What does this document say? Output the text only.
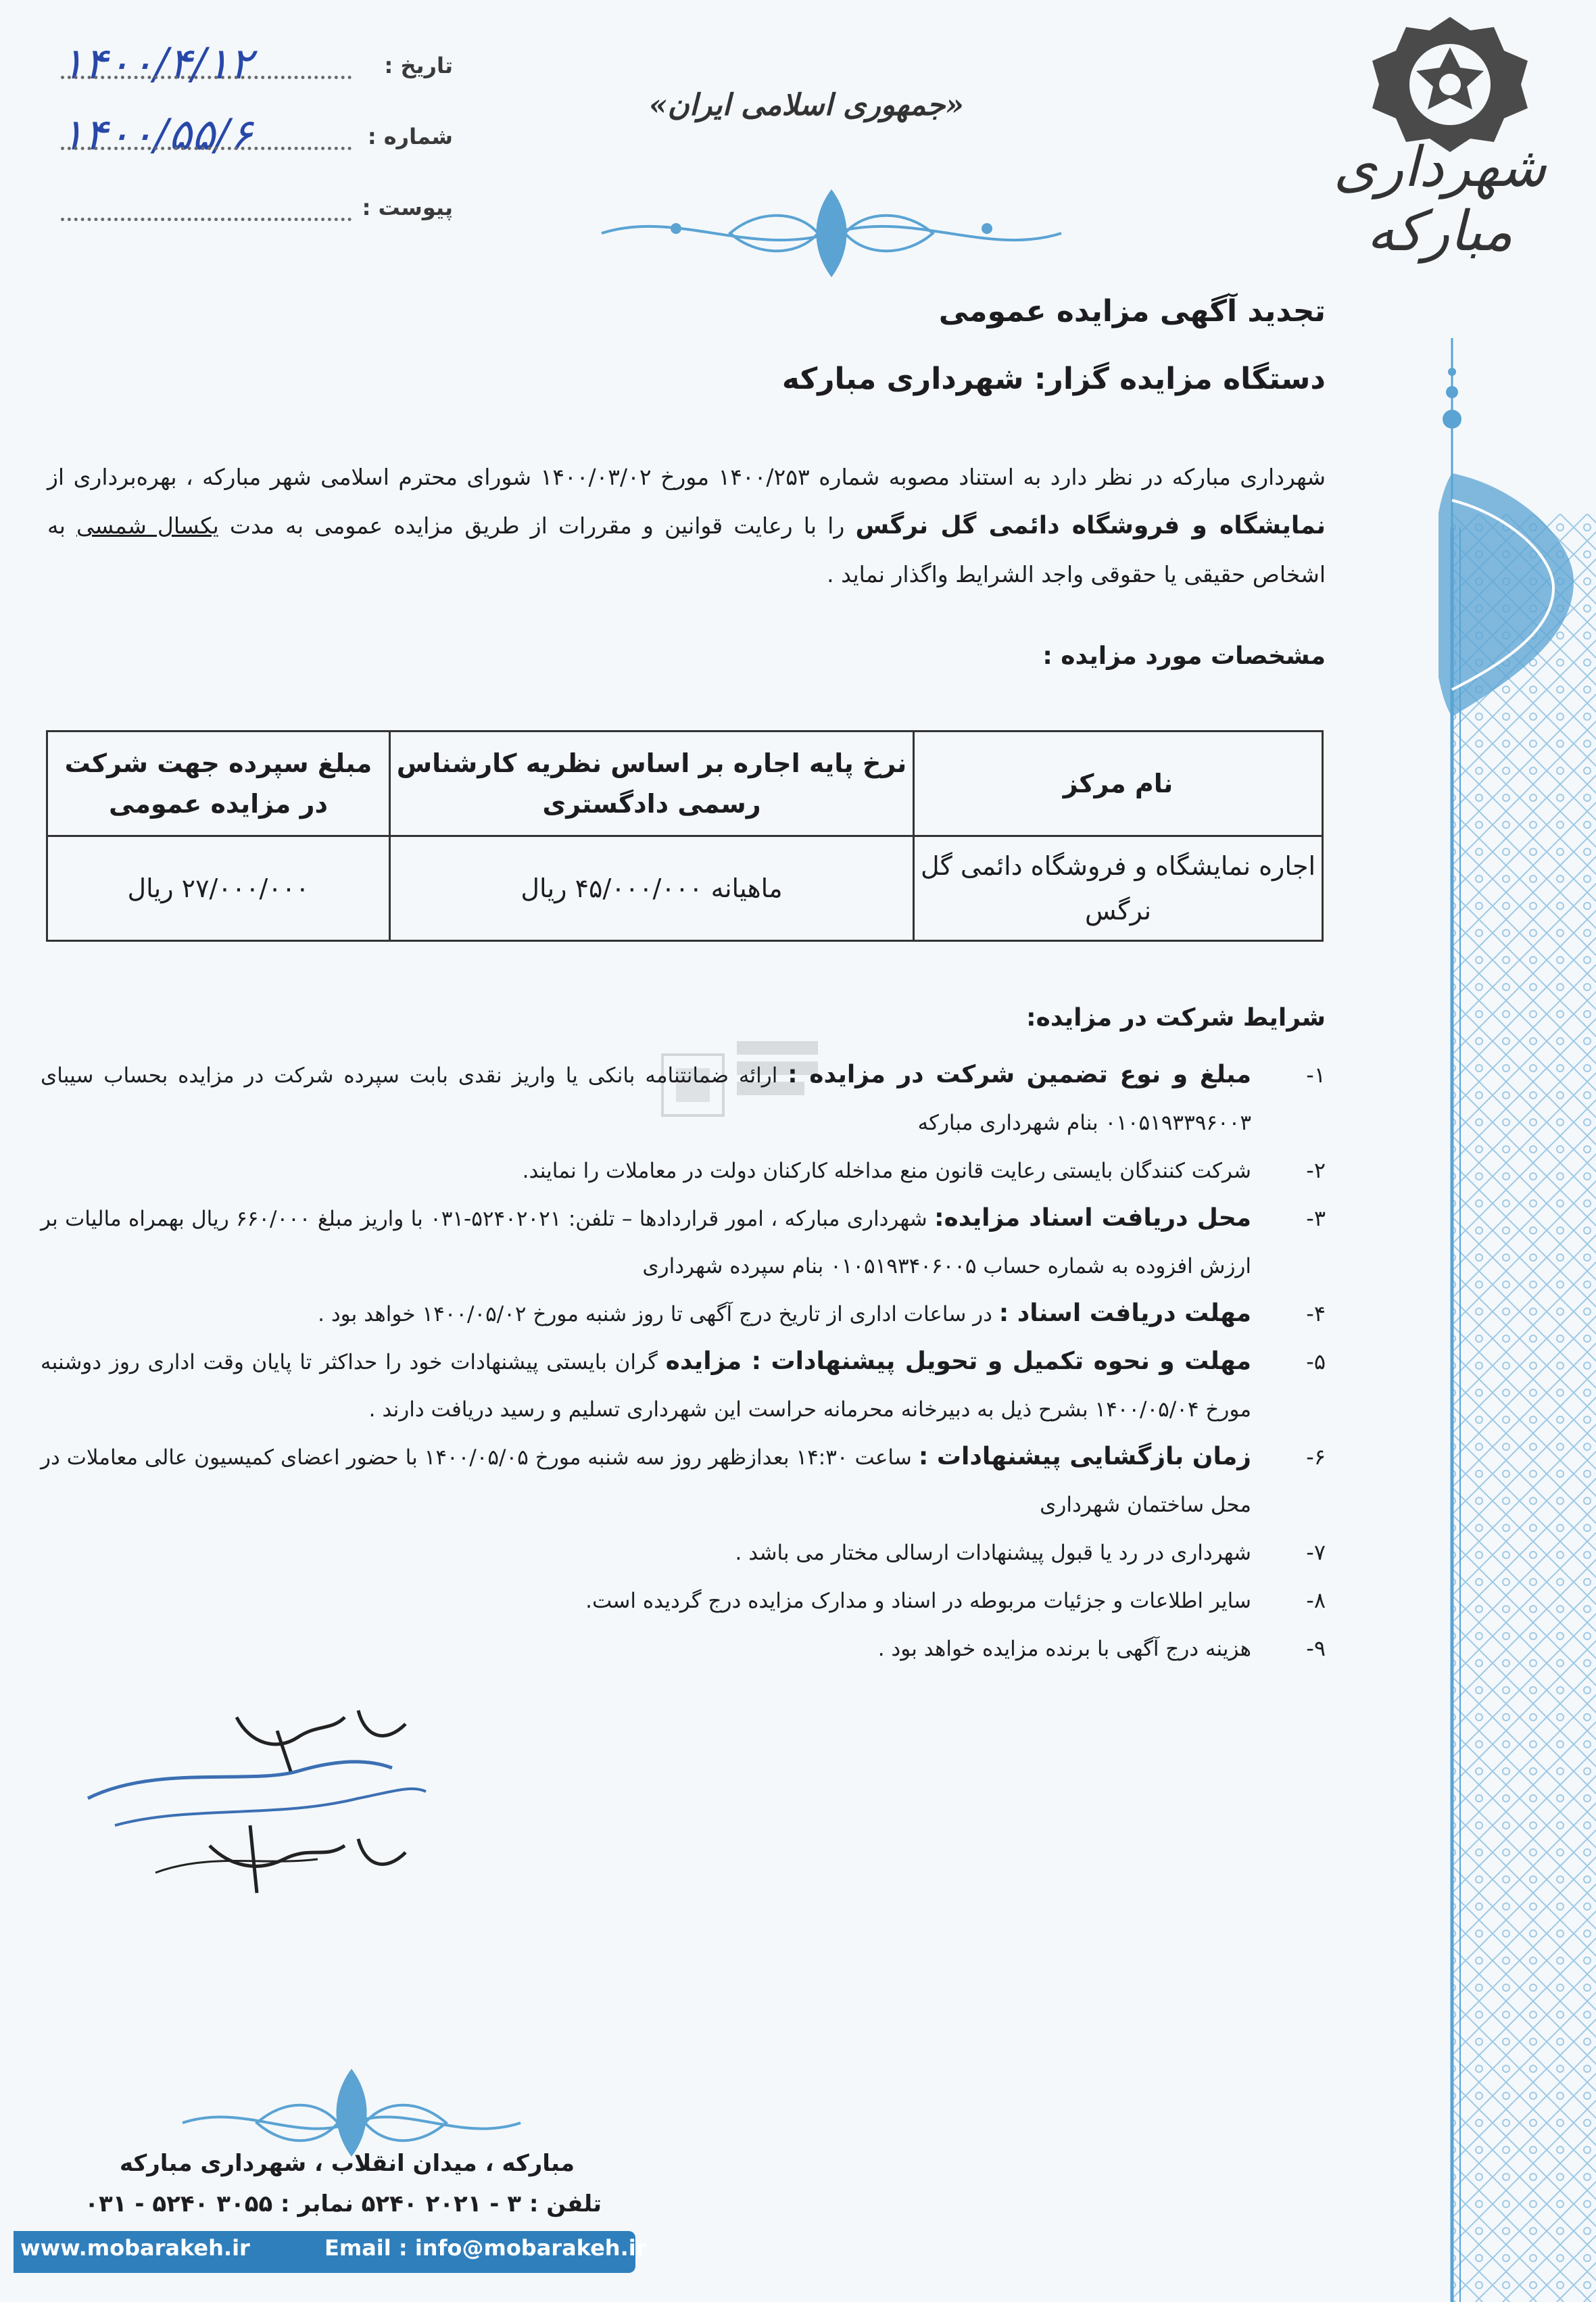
۱۴۰۰/۴/۱۲	تاریخ :
۱۴۰۰/۵۵/۶	شماره :
پیوست :
«جمهوری اسلامی ایران»
شهرداری مبارکه
تجدید آگهی مزایده عمومی
دستگاه مزایده گزار: شهرداری مبارکه
شهرداری مبارکه در نظر دارد به استناد مصوبه شماره ۱۴۰۰/۲۵۳ مورخ ۱۴۰۰/۰۳/۰۲ شورای محترم اسلامی شهر مبارکه ، بهره‌برداری از نمایشگاه و فروشگاه دائمی گل نرگس را با رعایت قوانین و مقررات از طریق مزایده عمومی به مدت یکسال شمسی به اشخاص حقیقی یا حقوقی واجد الشرایط واگذار نماید .
مشخصات مورد مزایده :
نام مرکز	نرخ پایه اجاره بر اساس نظریه کارشناس رسمی دادگستری	مبلغ سپرده جهت شرکت در مزایده عمومی
اجاره نمایشگاه و فروشگاه دائمی گل نرگس	ماهیانه ۴۵/۰۰۰/۰۰۰ ریال	۲۷/۰۰۰/۰۰۰ ریال
شرایط شرکت در مزایده:
۱-
مبلغ و نوع تضمین شرکت در مزایده : ارائه ضمانتنامه بانکی یا واریز نقدی بابت سپرده شرکت در مزایده بحساب سیبای ۰۱۰۵۱۹۳۳۹۶۰۰۳ بنام شهرداری مبارکه
۲-
شرکت کنندگان بایستی رعایت قانون منع مداخله کارکنان دولت در معاملات را نمایند.
۳-
محل دریافت اسناد مزایده: شهرداری مبارکه ، امور قراردادها – تلفن: ۵۲۴۰۲۰۲۱-۰۳۱ با واریز مبلغ ۶۶۰/۰۰۰ ریال بهمراه مالیات بر ارزش افزوده به شماره حساب ۰۱۰۵۱۹۳۴۰۶۰۰۵ بنام سپرده شهرداری
۴-
مهلت دریافت اسناد : در ساعات اداری از تاریخ درج آگهی تا روز شنبه مورخ ۱۴۰۰/۰۵/۰۲ خواهد بود .
۵-
مهلت و نحوه تکمیل و تحویل پیشنهادات : مزایده گران بایستی پیشنهادات خود را حداکثر تا پایان وقت اداری روز دوشنبه مورخ ۱۴۰۰/۰۵/۰۴ بشرح ذیل به دبیرخانه محرمانه حراست این شهرداری تسلیم و رسید دریافت دارند .
۶-
زمان بازگشایی پیشنهادات : ساعت ۱۴:۳۰ بعدازظهر روز سه شنبه مورخ ۱۴۰۰/۰۵/۰۵ با حضور اعضای کمیسیون عالی معاملات در محل ساختمان شهرداری
۷-
شهرداری در رد یا قبول پیشنهادات ارسالی مختار می باشد .
۸-
سایر اطلاعات و جزئیات مربوطه در اسناد و مدارک مزایده درج گردیده است.
۹-
هزینه درج آگهی با برنده مزایده خواهد بود .
مبارکه ، میدان انقلاب ، شهرداری مبارکه
تلفن : ۳ - ۲۰۲۱ ۵۲۴۰ نمابر : ۳۰۵۵ ۵۲۴۰ - ۰۳۱
www.mobarakeh.ir	Email : info@mobarakeh.ir
